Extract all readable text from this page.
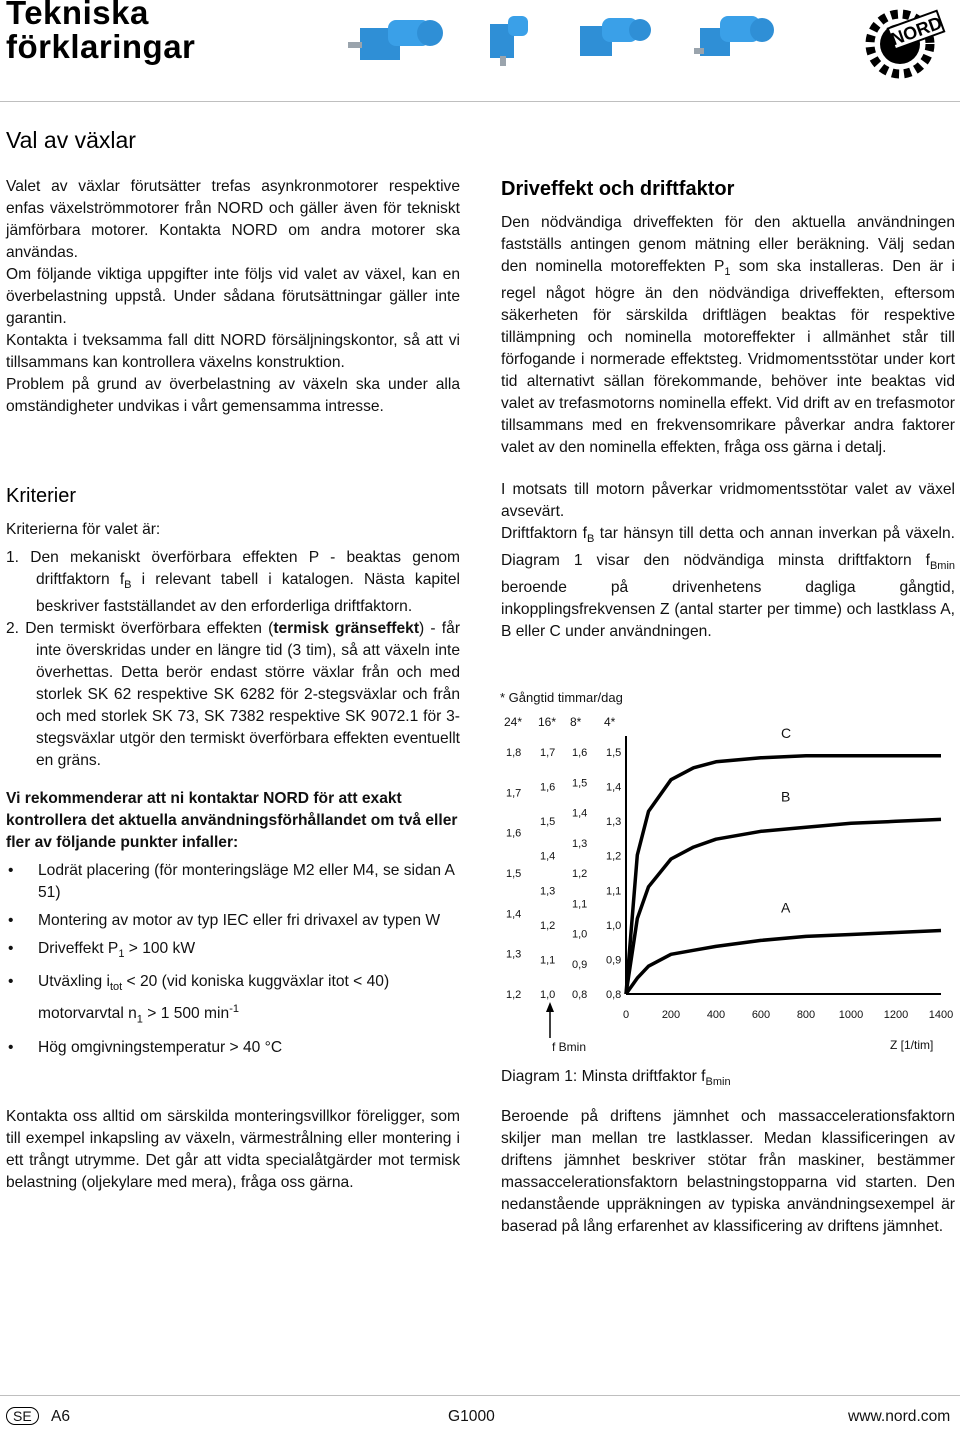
Tekniska
förklaringar	NORD
Val av växlar

Valet av växlar förutsätter trefas asynkronmotorer respektive enfas växelströmmotorer från NORD och gäller även för tekniskt jämförbara motorer. Kontakta NORD om andra motorer ska användas.

Om följande viktiga uppgifter inte följs vid valet av växel, kan en överbelastning uppstå. Under sådana förutsättningar gäller inte garantin.

Kontakta i tveksamma fall ditt NORD försäljningskontor, så att vi tillsammans kan kontrollera växelns konstruktion.

Problem på grund av överbelastning av växeln ska under alla omständigheter undvikas i vårt gemensamma intresse.

Kriterier

Kriterierna för valet är:

1. Den mekaniskt överförbara effekten P - beaktas genom driftfaktorn $f_B$ i relevant tabell i katalogen. Nästa kapitel beskriver fastställandet av den erforderliga driftfaktorn.

2. Den termiskt överförbara effekten (termisk gränseffekt) - får inte överskridas under en längre tid (3 tim), så att växeln inte överhettas. Detta berör endast större växlar från och med storlek SK 62 respektive SK 6282 för 2-stegsväxlar och från och med storlek SK 73, SK 7382 respektive SK 9072.1 för 3-stegsväxlar utgör den termiskt överförbara effekten eventuellt en gräns.

Vi rekommenderar att ni kontaktar NORD för att exakt kontrollera det aktuella användningsförhållandet om två eller fler av följande punkter infaller:

• Lodrät placering (för monteringsläge M2 eller M4, se sidan A 51)
• Montering av motor av typ IEC eller fri drivaxel av typen W
• Driveffekt $P_1 > 100$ kW
• Utväxling $i_{tot} < 20$ (vid koniska kuggväxlar itot < 40) motorvarvtal $n_1 > 1$ 500 $\min^{-1}$
• Hög omgivningstemperatur > 40 °C

Kontakta oss alltid om särskilda monteringsvillkor föreligger, som till exempel inkapsling av växeln, värmestrålning eller montering i ett trångt utrymme. Det går att vidta specialåtgärder mot termisk belastning (oljekylare med mera), fråga oss gärna.

Driveffekt och driftfaktor

Den nödvändiga driveffekten för den aktuella användningen fastställs antingen genom mätning eller beräkning. Välj sedan den nominella motoreffekten $P_1$ som ska installeras. Den är i regel något högre än den nödvändiga driveffekten, eftersom säkerheten för särskilda driftlägen beaktas för respektive tillämpning och nominella motoreffekter i allmänhet står till förfogande i normerade effektsteg. Vridmomentsstötar under kort tid alternativt sällan förekommande, behöver inte beaktas vid valet av trefasmotorns nominella effekt. Vid drift av en trefasmotor tillsammans med en frekvensomrikare påverkar andra faktorer valet av den nominella effekten, fråga oss gärna i detalj.

I motsats till motorn påverkar vridmomentsstötar valet av växel avsevärt.

Driftfaktorn $f_B$ tar hänsyn till detta och annan inverkan på växeln. Diagram 1 visar den nödvändiga minsta driftfaktorn $f_{Bmin}$ beroende på drivenhetens dagliga gångtid, inkopplingsfrekvensen Z (antal starter per timme) och lastklass A, B eller C under användningen.

* Gångtid timmar/dag
24*
1,8
1,7
1,6
1,5
1,4
1,3
1,2
16*
1,7
1,6
1,5
1,4
1,3
1,2
1,1
1,0
8*
1,6
1,5
1,4
1,3
1,2
1,1
1,0
0,9
0,8
4*
1,5
1,4
1,3
1,2
1,1
1,0
0,9
0,8
0	200 400 600 800 1000 1200 1400
C
B
A
f Bmin	Z [1/tim]
Diagram 1: Minsta driftfaktor $f_{Bmin}$

Beroende på driftens jämnhet och massaccelerationsfaktorn skiljer man mellan tre lastklasser. Medan klassificeringen av driftens jämnhet beskriver stötar från maskiner, bestämmer massaccelerationsfaktorn belastningstopparna vid starten. Den nedanstående uppräkningen av typiska användningsexempel är baserad på lång erfarenhet av klassificering av driftens jämnhet.

SE A6	G1000	www.nord.com
